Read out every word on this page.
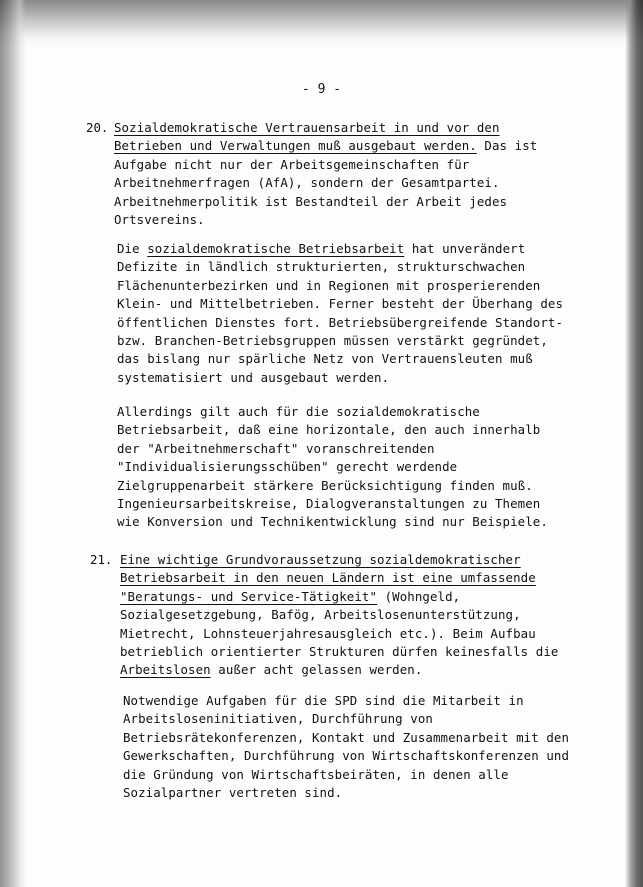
- 9 -
20. Sozialdemokratische Vertrauensarbeit in und vor den
Betrieben und Verwaltungen muß ausgebaut werden. Das ist
Aufgabe nicht nur der Arbeitsgemeinschaften für
Arbeitnehmerfragen (AfA), sondern der Gesamtpartei.
Arbeitnehmerpolitik ist Bestandteil der Arbeit jedes
Ortsvereins.
Die sozialdemokratische Betriebsarbeit hat unverändert
Defizite in ländlich strukturierten, strukturschwachen
Flächenunterbezirken und in Regionen mit prosperierenden
Klein- und Mittelbetrieben. Ferner besteht der Überhang des
öffentlichen Dienstes fort. Betriebsübergreifende Standort-
bzw. Branchen-Betriebsgruppen müssen verstärkt gegründet,
das bislang nur spärliche Netz von Vertrauensleuten muß
systematisiert und ausgebaut werden.
Allerdings gilt auch für die sozialdemokratische
Betriebsarbeit, daß eine horizontale, den auch innerhalb
der "Arbeitnehmerschaft" voranschreitenden
"Individualisierungsschüben" gerecht werdende
Zielgruppenarbeit stärkere Berücksichtigung finden muß.
Ingenieursarbeitskreise, Dialogveranstaltungen zu Themen
wie Konversion und Technikentwicklung sind nur Beispiele.
21. Eine wichtige Grundvoraussetzung sozialdemokratischer
Betriebsarbeit in den neuen Ländern ist eine umfassende
"Beratungs- und Service-Tätigkeit" (Wohngeld,
Sozialgesetzgebung, Bafög, Arbeitslosenunterstützung,
Mietrecht, Lohnsteuerjahresausgleich etc.). Beim Aufbau
betrieblich orientierter Strukturen dürfen keinesfalls die
Arbeitslosen außer acht gelassen werden.
Notwendige Aufgaben für die SPD sind die Mitarbeit in
Arbeitsloseninitiativen, Durchführung von
Betriebsrätekonferenzen, Kontakt und Zusammenarbeit mit den
Gewerkschaften, Durchführung von Wirtschaftskonferenzen und
die Gründung von Wirtschaftsbeiräten, in denen alle
Sozialpartner vertreten sind.
